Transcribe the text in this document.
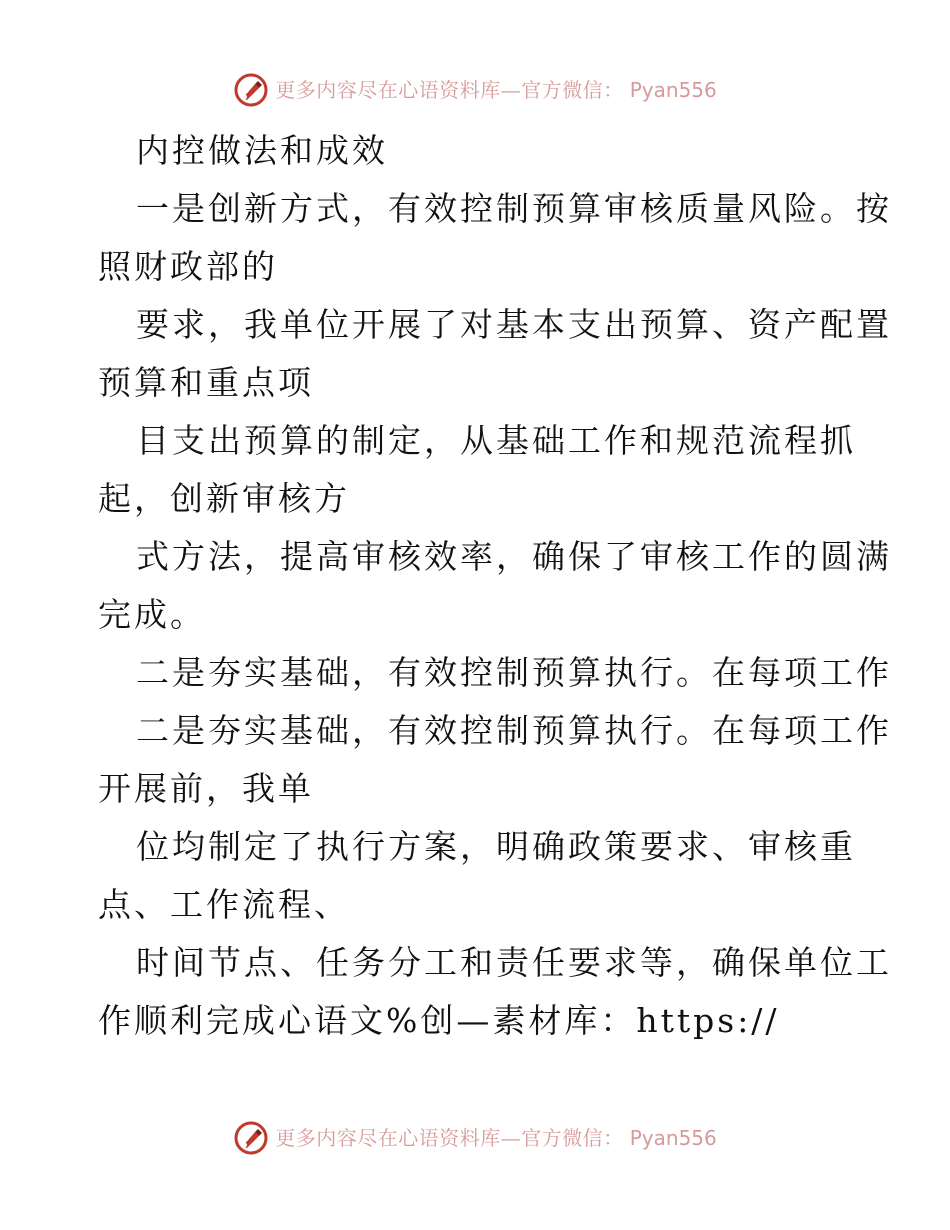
更多内容尽在心语资料库—官方微信： Pyan556
内控做法和成效
一是创新方式，有效控制预算审核质量风险。按
照财政部的
要求，我单位开展了对基本支出预算、资产配置
预算和重点项
目支出预算的制定，从基础工作和规范流程抓
起，创新审核方
式方法，提高审核效率，确保了审核工作的圆满
完成。
二是夯实基础，有效控制预算执行。在每项工作
二是夯实基础，有效控制预算执行。在每项工作
开展前，我单
位均制定了执行方案，明确政策要求、审核重
点、工作流程、
时间节点、任务分工和责任要求等，确保单位工
作顺利完成心语文%创—素材库：https://
更多内容尽在心语资料库—官方微信： Pyan556
